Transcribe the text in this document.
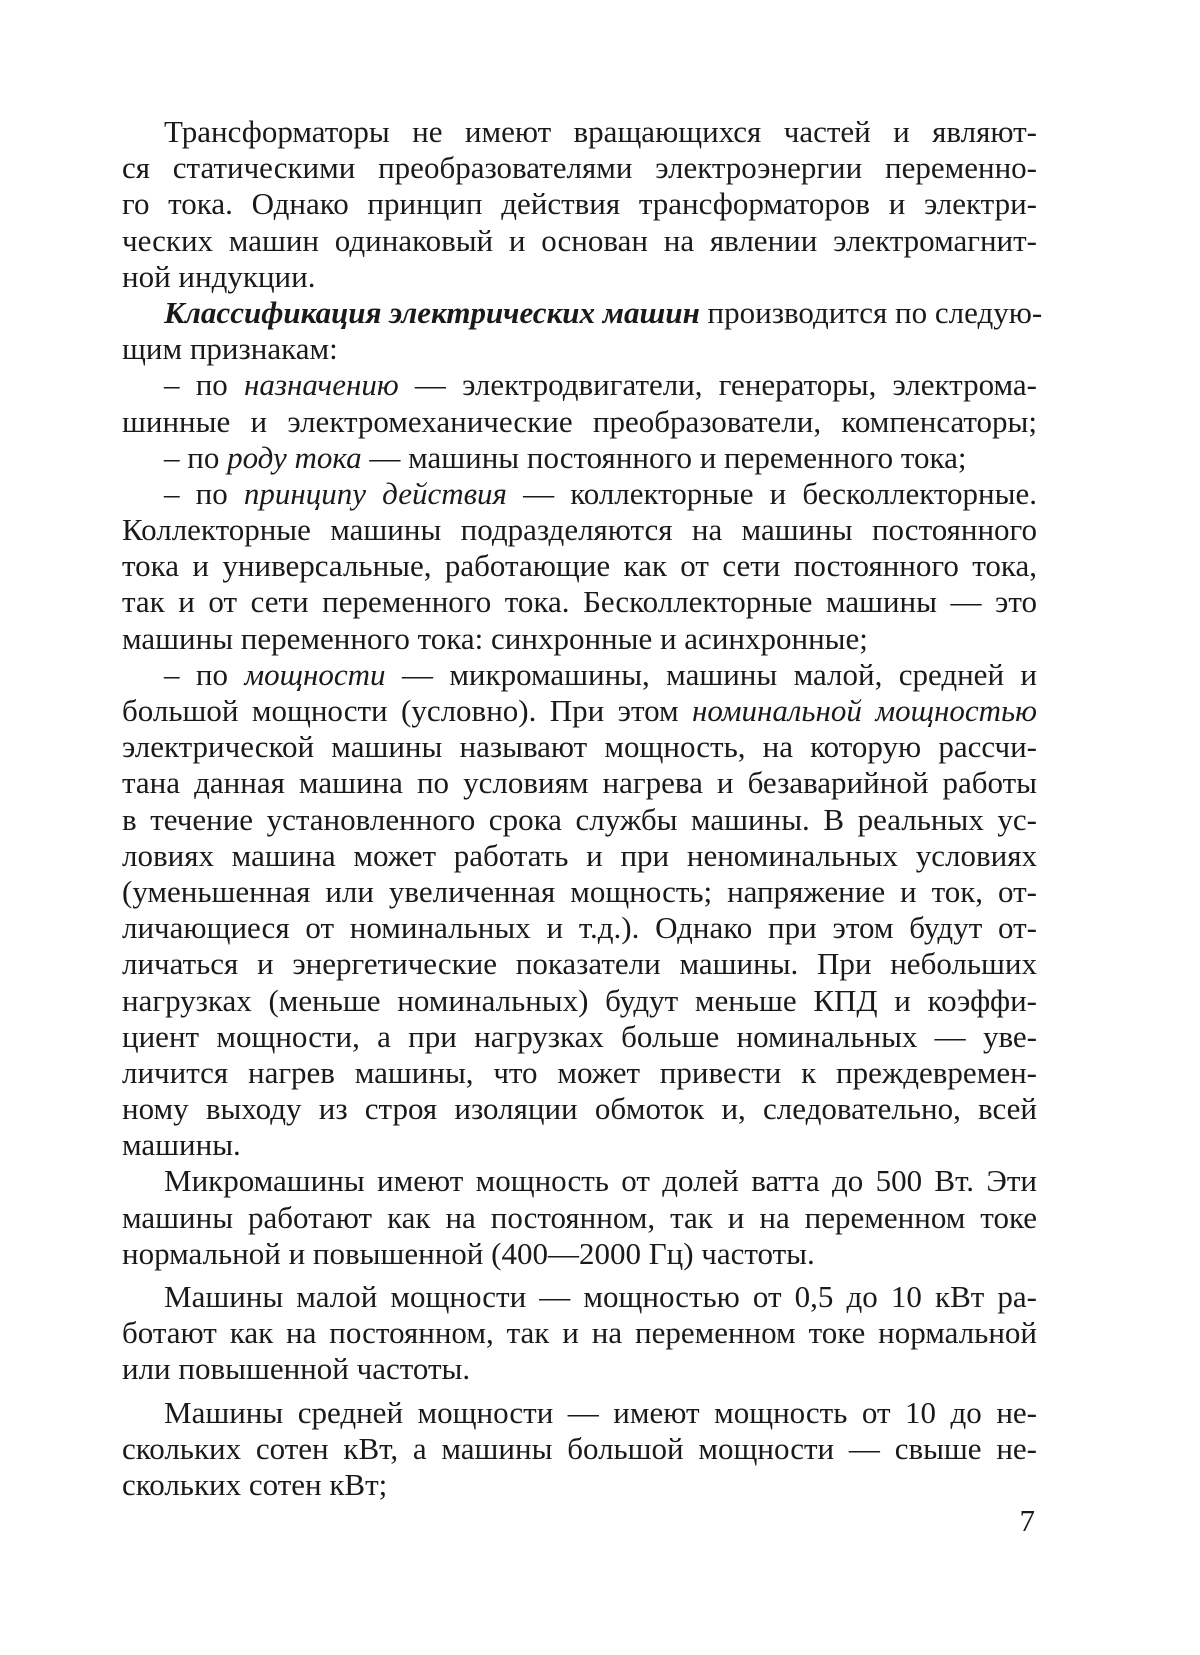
Трансформаторы не имеют вращающихся частей и являют-
ся статическими преобразователями электроэнергии переменно-
го тока. Однако принцип действия трансформаторов и электри-
ческих машин одинаковый и основан на явлении электромагнит-
ной индукции.
Классификация электрических машин производится по следую-
щим признакам:
– по назначению — электродвигатели, генераторы, электрома-
шинные и электромеханические преобразователи, компенсаторы;
– по роду тока — машины постоянного и переменного тока;
– по принципу действия — коллекторные и бесколлекторные.
Коллекторные машины подразделяются на машины постоянного
тока и универсальные, работающие как от сети постоянного тока,
так и от сети переменного тока. Бесколлекторные машины — это
машины переменного тока: синхронные и асинхронные;
– по мощности — микромашины, машины малой, средней и
большой мощности (условно). При этом номинальной мощностью
электрической машины называют мощность, на которую рассчи-
тана данная машина по условиям нагрева и безаварийной работы
в течение установленного срока службы машины. В реальных ус-
ловиях машина может работать и при неноминальных условиях
(уменьшенная или увеличенная мощность; напряжение и ток, от-
личающиеся от номинальных и т.д.). Однако при этом будут от-
личаться и энергетические показатели машины. При небольших
нагрузках (меньше номинальных) будут меньше КПД и коэффи-
циент мощности, а при нагрузках больше номинальных — уве-
личится нагрев машины, что может привести к преждевремен-
ному выходу из строя изоляции обмоток и, следовательно, всей
машины.
Микромашины имеют мощность от долей ватта до 500 Вт. Эти
машины работают как на постоянном, так и на переменном токе
нормальной и повышенной (400—2000 Гц) частоты.
Машины малой мощности — мощностью от 0,5 до 10 кВт ра-
ботают как на постоянном, так и на переменном токе нормальной
или повышенной частоты.
Машины средней мощности — имеют мощность от 10 до не-
скольких сотен кВт, а машины большой мощности — свыше не-
скольких сотен кВт;
7
